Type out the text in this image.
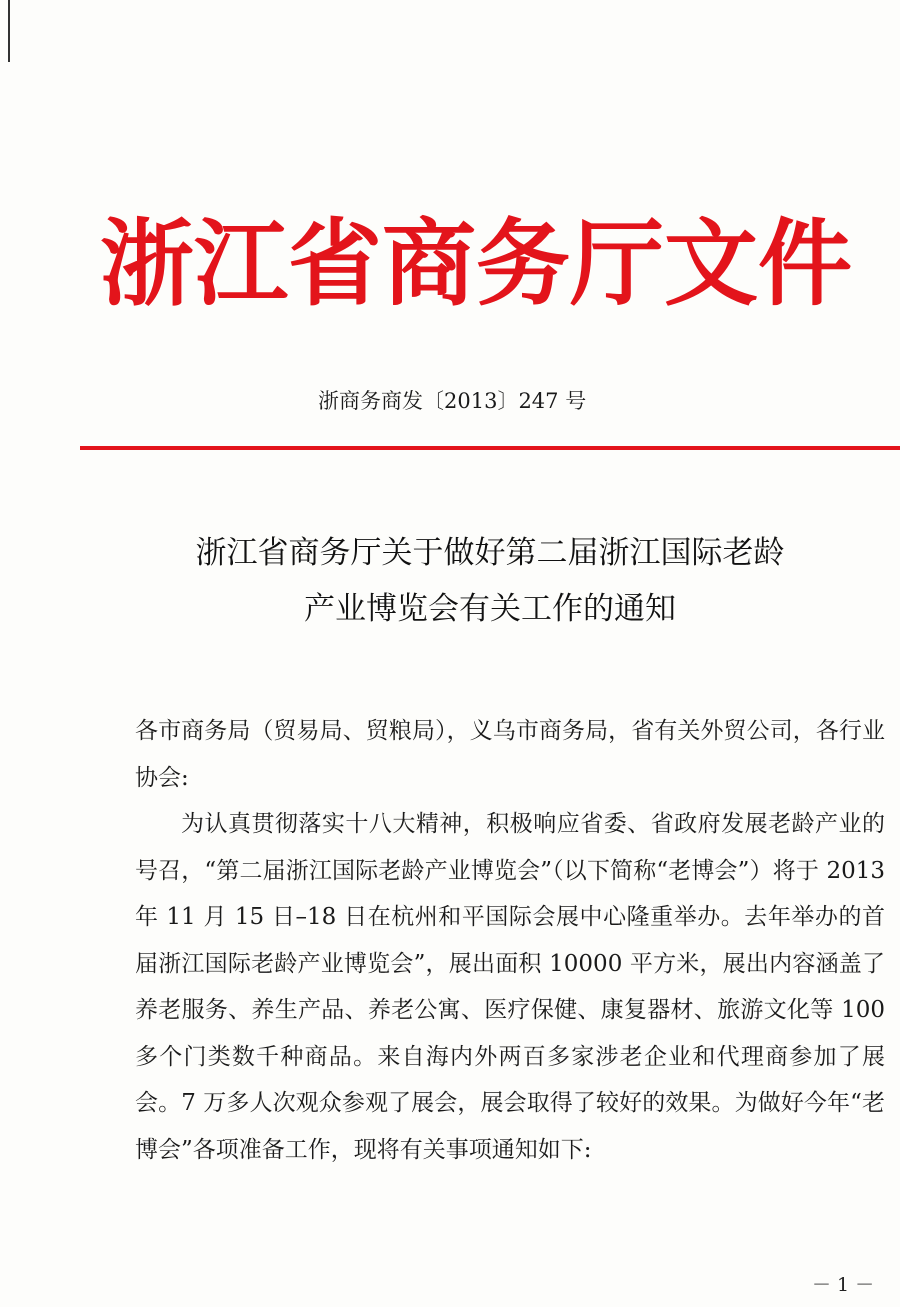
浙江省商务厅文件
浙商务商发〔2013〕247 号
浙江省商务厅关于做好第二届浙江国际老龄
产业博览会有关工作的通知

各市商务局（贸易局、贸粮局），义乌市商务局，省有关外贸公司，各行业协会:

为认真贯彻落实十八大精神，积极响应省委、省政府发展老龄产业的号召，“第二届浙江国际老龄产业博览会”（以下简称“老博会”）将于 2013 年 11 月 15 日–18 日在杭州和平国际会展中心隆重举办。去年举办的首届浙江国际老龄产业博览会”，展出面积 10000 平方米，展出内容涵盖了养老服务、养生产品、养老公寓、医疗保健、康复器材、旅游文化等 100 多个门类数千种商品。来自海内外两百多家涉老企业和代理商参加了展会。7 万多人次观众参观了展会，展会取得了较好的效果。为做好今年“老博会”各项准备工作，现将有关事项通知如下:

－ 1 －
